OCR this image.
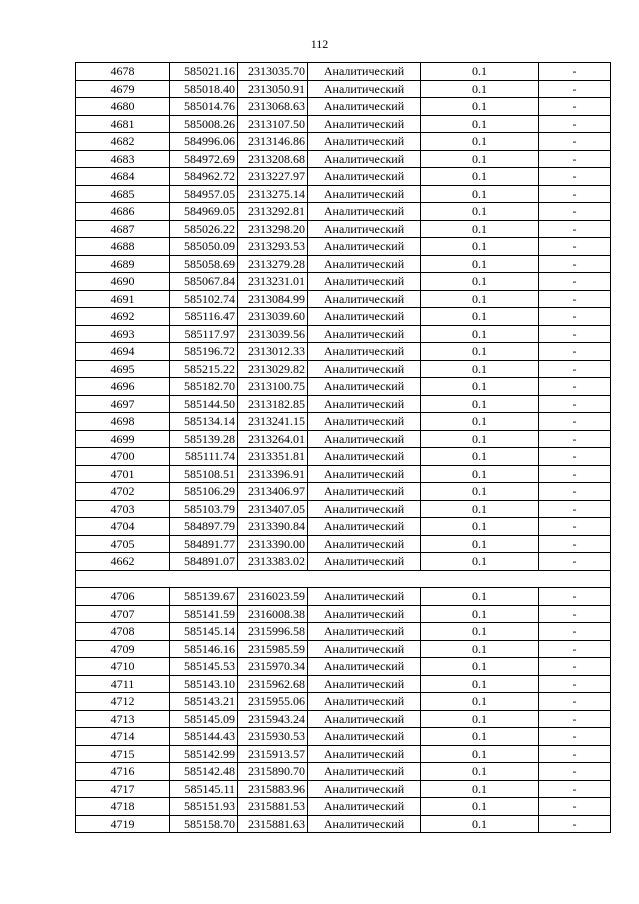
112
4678	585021.16	2313035.70	Аналитический	0.1	-
4679	585018.40	2313050.91	Аналитический	0.1	-
4680	585014.76	2313068.63	Аналитический	0.1	-
4681	585008.26	2313107.50	Аналитический	0.1	-
4682	584996.06	2313146.86	Аналитический	0.1	-
4683	584972.69	2313208.68	Аналитический	0.1	-
4684	584962.72	2313227.97	Аналитический	0.1	-
4685	584957.05	2313275.14	Аналитический	0.1	-
4686	584969.05	2313292.81	Аналитический	0.1	-
4687	585026.22	2313298.20	Аналитический	0.1	-
4688	585050.09	2313293.53	Аналитический	0.1	-
4689	585058.69	2313279.28	Аналитический	0.1	-
4690	585067.84	2313231.01	Аналитический	0.1	-
4691	585102.74	2313084.99	Аналитический	0.1	-
4692	585116.47	2313039.60	Аналитический	0.1	-
4693	585117.97	2313039.56	Аналитический	0.1	-
4694	585196.72	2313012.33	Аналитический	0.1	-
4695	585215.22	2313029.82	Аналитический	0.1	-
4696	585182.70	2313100.75	Аналитический	0.1	-
4697	585144.50	2313182.85	Аналитический	0.1	-
4698	585134.14	2313241.15	Аналитический	0.1	-
4699	585139.28	2313264.01	Аналитический	0.1	-
4700	585111.74	2313351.81	Аналитический	0.1	-
4701	585108.51	2313396.91	Аналитический	0.1	-
4702	585106.29	2313406.97	Аналитический	0.1	-
4703	585103.79	2313407.05	Аналитический	0.1	-
4704	584897.79	2313390.84	Аналитический	0.1	-
4705	584891.77	2313390.00	Аналитический	0.1	-
4662	584891.07	2313383.02	Аналитический	0.1	-

4706	585139.67	2316023.59	Аналитический	0.1	-
4707	585141.59	2316008.38	Аналитический	0.1	-
4708	585145.14	2315996.58	Аналитический	0.1	-
4709	585146.16	2315985.59	Аналитический	0.1	-
4710	585145.53	2315970.34	Аналитический	0.1	-
4711	585143.10	2315962.68	Аналитический	0.1	-
4712	585143.21	2315955.06	Аналитический	0.1	-
4713	585145.09	2315943.24	Аналитический	0.1	-
4714	585144.43	2315930.53	Аналитический	0.1	-
4715	585142.99	2315913.57	Аналитический	0.1	-
4716	585142.48	2315890.70	Аналитический	0.1	-
4717	585145.11	2315883.96	Аналитический	0.1	-
4718	585151.93	2315881.53	Аналитический	0.1	-
4719	585158.70	2315881.63	Аналитический	0.1	-
